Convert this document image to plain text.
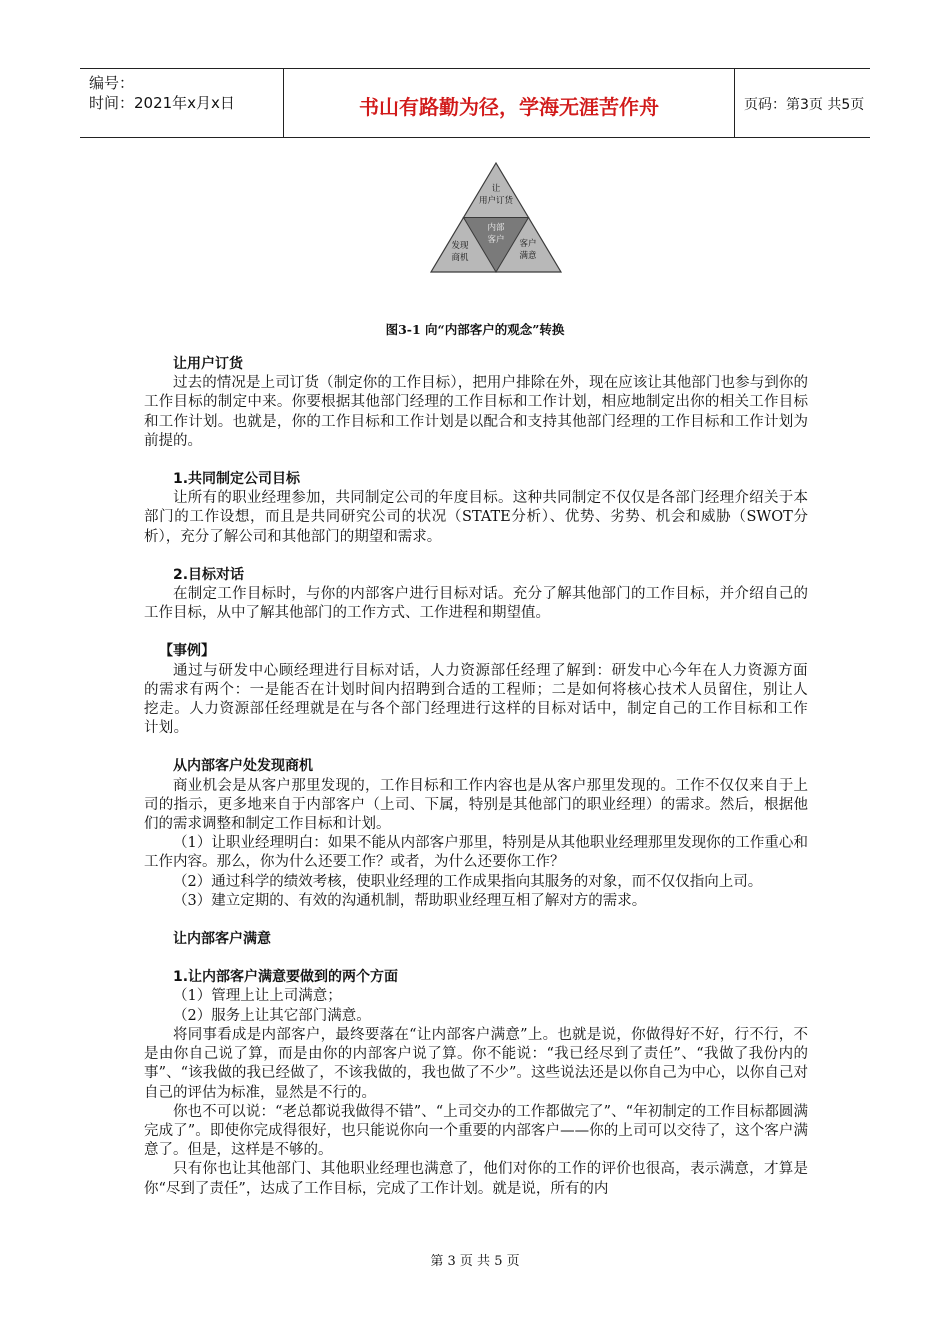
编号：
时间：2021年x月x日	书山有路勤为径，学海无涯苦作舟	页码：第3页 共5页
让
用户订货
内部
客户
发现
商机
客户
满意
图3-1 向“内部客户的观念”转换

让用户订货

过去的情况是上司订货（制定你的工作目标），把用户排除在外，现在应该让其他部门也参与到你的工作目标的制定中来。你要根据其他部门经理的工作目标和工作计划，相应地制定出你的相关工作目标和工作计划。也就是，你的工作目标和工作计划是以配合和支持其他部门经理的工作目标和工作计划为前提的。

1.共同制定公司目标

让所有的职业经理参加，共同制定公司的年度目标。这种共同制定不仅仅是各部门经理介绍关于本部门的工作设想，而且是共同研究公司的状况（STATE分析）、优势、劣势、机会和威胁（SWOT分析），充分了解公司和其他部门的期望和需求。

2.目标对话

在制定工作目标时，与你的内部客户进行目标对话。充分了解其他部门的工作目标，并介绍自己的工作目标，从中了解其他部门的工作方式、工作进程和期望值。

【事例】

通过与研发中心顾经理进行目标对话，人力资源部任经理了解到：研发中心今年在人力资源方面的需求有两个：一是能否在计划时间内招聘到合适的工程师；二是如何将核心技术人员留住，别让人挖走。人力资源部任经理就是在与各个部门经理进行这样的目标对话中，制定自己的工作目标和工作计划。

从内部客户处发现商机

商业机会是从客户那里发现的，工作目标和工作内容也是从客户那里发现的。工作不仅仅来自于上司的指示，更多地来自于内部客户（上司、下属，特别是其他部门的职业经理）的需求。然后，根据他们的需求调整和制定工作目标和计划。

（1）让职业经理明白：如果不能从内部客户那里，特别是从其他职业经理那里发现你的工作重心和工作内容。那么，你为什么还要工作？或者，为什么还要你工作？

（2）通过科学的绩效考核，使职业经理的工作成果指向其服务的对象，而不仅仅指向上司。

（3）建立定期的、有效的沟通机制，帮助职业经理互相了解对方的需求。

让内部客户满意

1.让内部客户满意要做到的两个方面

（1）管理上让上司满意；

（2）服务上让其它部门满意。

将同事看成是内部客户，最终要落在“让内部客户满意”上。也就是说，你做得好不好，行不行，不是由你自己说了算，而是由你的内部客户说了算。你不能说：“我已经尽到了责任”、“我做了我份内的事”、“该我做的我已经做了，不该我做的，我也做了不少”。这些说法还是以你自己为中心，以你自己对自己的评估为标准，显然是不行的。

你也不可以说：“老总都说我做得不错”、“上司交办的工作都做完了”、“年初制定的工作目标都圆满完成了”。即使你完成得很好，也只能说你向一个重要的内部客户——你的上司可以交待了，这个客户满意了。但是，这样是不够的。

只有你也让其他部门、其他职业经理也满意了，他们对你的工作的评价也很高，表示满意，才算是你“尽到了责任”，达成了工作目标，完成了工作计划。就是说，所有的内

第 3 页 共 5 页
